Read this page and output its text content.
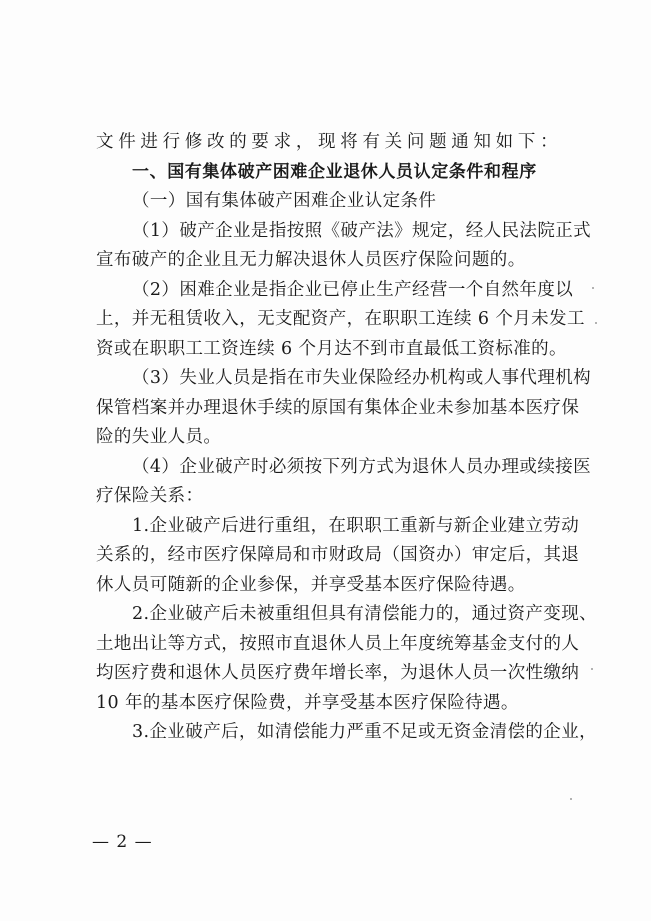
文件进行修改的要求，现将有关问题通知如下：
一、国有集体破产困难企业退休人员认定条件和程序
（一）国有集体破产困难企业认定条件
（1）破产企业是指按照《破产法》规定，经人民法院正式
宣布破产的企业且无力解决退休人员医疗保险问题的。
（2）困难企业是指企业已停止生产经营一个自然年度以
上，并无租赁收入，无支配资产，在职职工连续 6 个月未发工
资或在职职工工资连续 6 个月达不到市直最低工资标准的。
（3）失业人员是指在市失业保险经办机构或人事代理机构
保管档案并办理退休手续的原国有集体企业未参加基本医疗保
险的失业人员。
（4）企业破产时必须按下列方式为退休人员办理或续接医
疗保险关系：
1.企业破产后进行重组，在职职工重新与新企业建立劳动
关系的，经市医疗保障局和市财政局（国资办）审定后，其退
休人员可随新的企业参保，并享受基本医疗保险待遇。
2.企业破产后未被重组但具有清偿能力的，通过资产变现、
土地出让等方式，按照市直退休人员上年度统筹基金支付的人
均医疗费和退休人员医疗费年增长率，为退休人员一次性缴纳
10 年的基本医疗保险费，并享受基本医疗保险待遇。
3.企业破产后，如清偿能力严重不足或无资金清偿的企业，
— 2 —
